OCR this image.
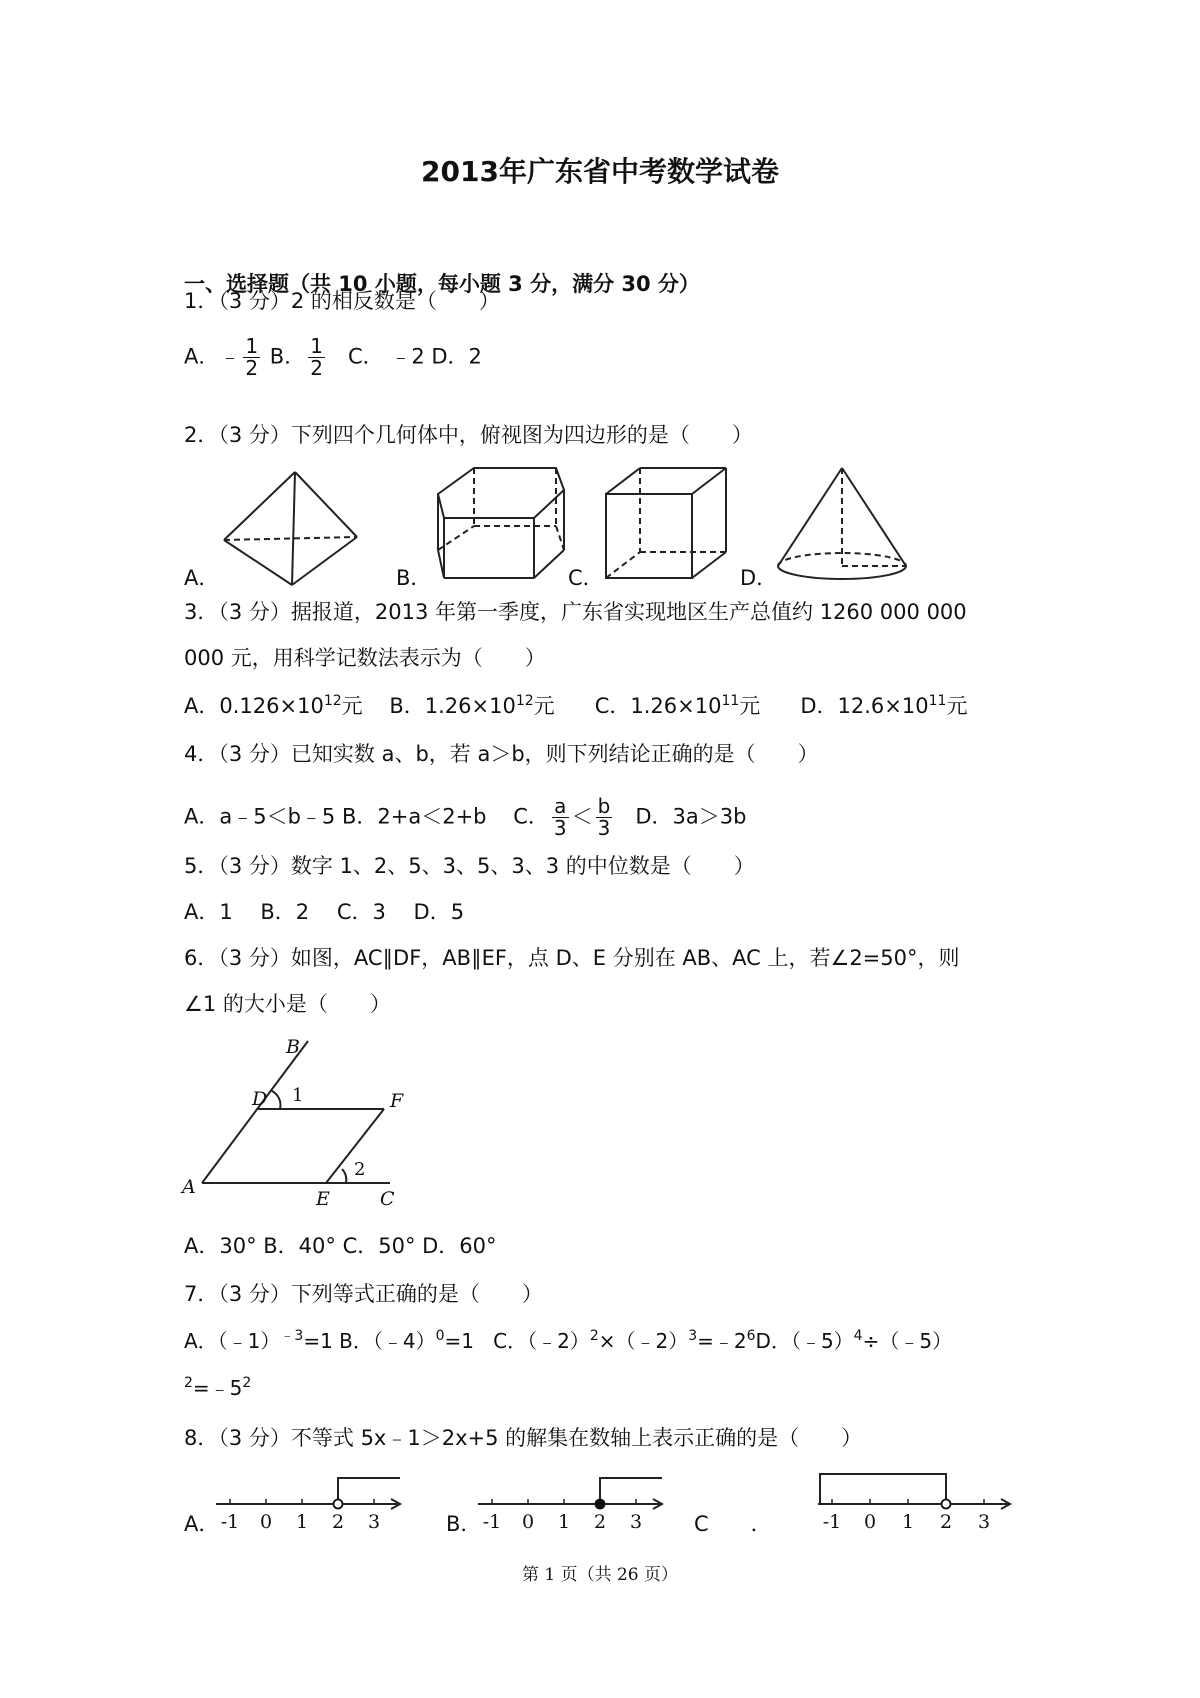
2013年广东省中考数学试卷
一、选择题（共 10 小题，每小题 3 分，满分 30 分）
1．（3 分）2 的相反数是（　　）
A．﹣ $\frac{1}{2}$ B． $\frac{1}{2}$ C． ﹣2 D．2
2．（3 分）下列四个几何体中，俯视图为四边形的是（　　）
A．	B．	C．	D．
3．（3 分）据报道，2013 年第一季度，广东省实现地区生产总值约 1260 000 000
000 元，用科学记数法表示为（　　）
A．$0.126\times 10^{12}$元 B．$1.26\times 10^{12}$元 C．$1.26\times 10^{11}$元 D．$12.6\times 10^{11}$元
4．（3 分）已知实数 a、b，若 a＞b，则下列结论正确的是（　　）
A．a﹣5＜b﹣5 B．2+a＜2+b C． $\frac{a}{3} < \frac{b}{3}$ D．3a＞3b
5．（3 分）数字 1、2、5、3、5、3、3 的中位数是（　　）
A．1　 B．2　 C．3　 D．5
6．（3 分）如图，AC∥DF，AB∥EF，点 D、E 分别在 AB、AC 上，若∠2=50°，则
∠1 的大小是（　　）
B
D	F
A
E	C
1
2
A．30° B．40° C．50° D．60°
7．（3 分）下列等式正确的是（　　）
A．（﹣1）$^{﹣3}$=1 B．（﹣4）$^0$=1 C．$(﹣2)^2\times(﹣2)^3=﹣2^6D$．（﹣5）$^4$÷（﹣5）
$^2=﹣5^2$
8．（3 分）不等式 5x﹣1＞2x+5 的解集在数轴上表示正确的是（　　）
A． -1 0 1 2 3	B． -1 0 1 2 3 C　　．	-1 0 1 2 3
第 1 页（共 26 页）
